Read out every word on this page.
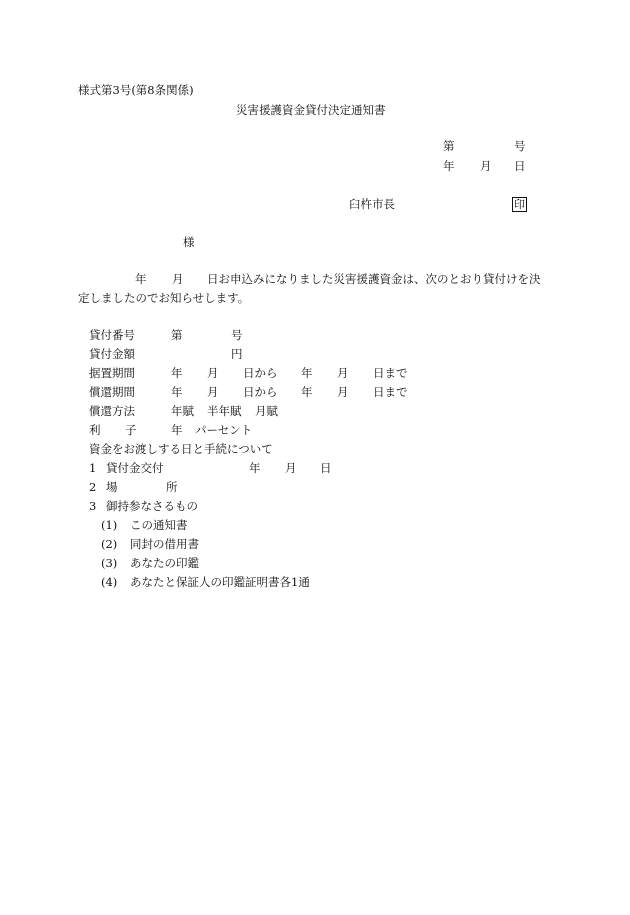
様式第3号(第8条関係)
災害援護資金貸付決定通知書
第	号
年 月 日
臼杵市長	印
様
年 月 日お申込みになりました災害援護資金は、次のとおり貸付けを決
定しましたのでお知らせします。
貸付番号	第	号
貸付金額	円
据置期間	年 月 日から 年 月 日まで
償還期間	年 月 日から 年 月 日まで
償還方法	年賦 半年賦 月賦
利 子	年 パーセント
資金をお渡しする日と手続について
1 貸付金交付	年 月 日
2 場	所
3 御持参なさるもの
(1) この通知書
(2) 同封の借用書
(3) あなたの印鑑
(4) あなたと保証人の印鑑証明書各1通
